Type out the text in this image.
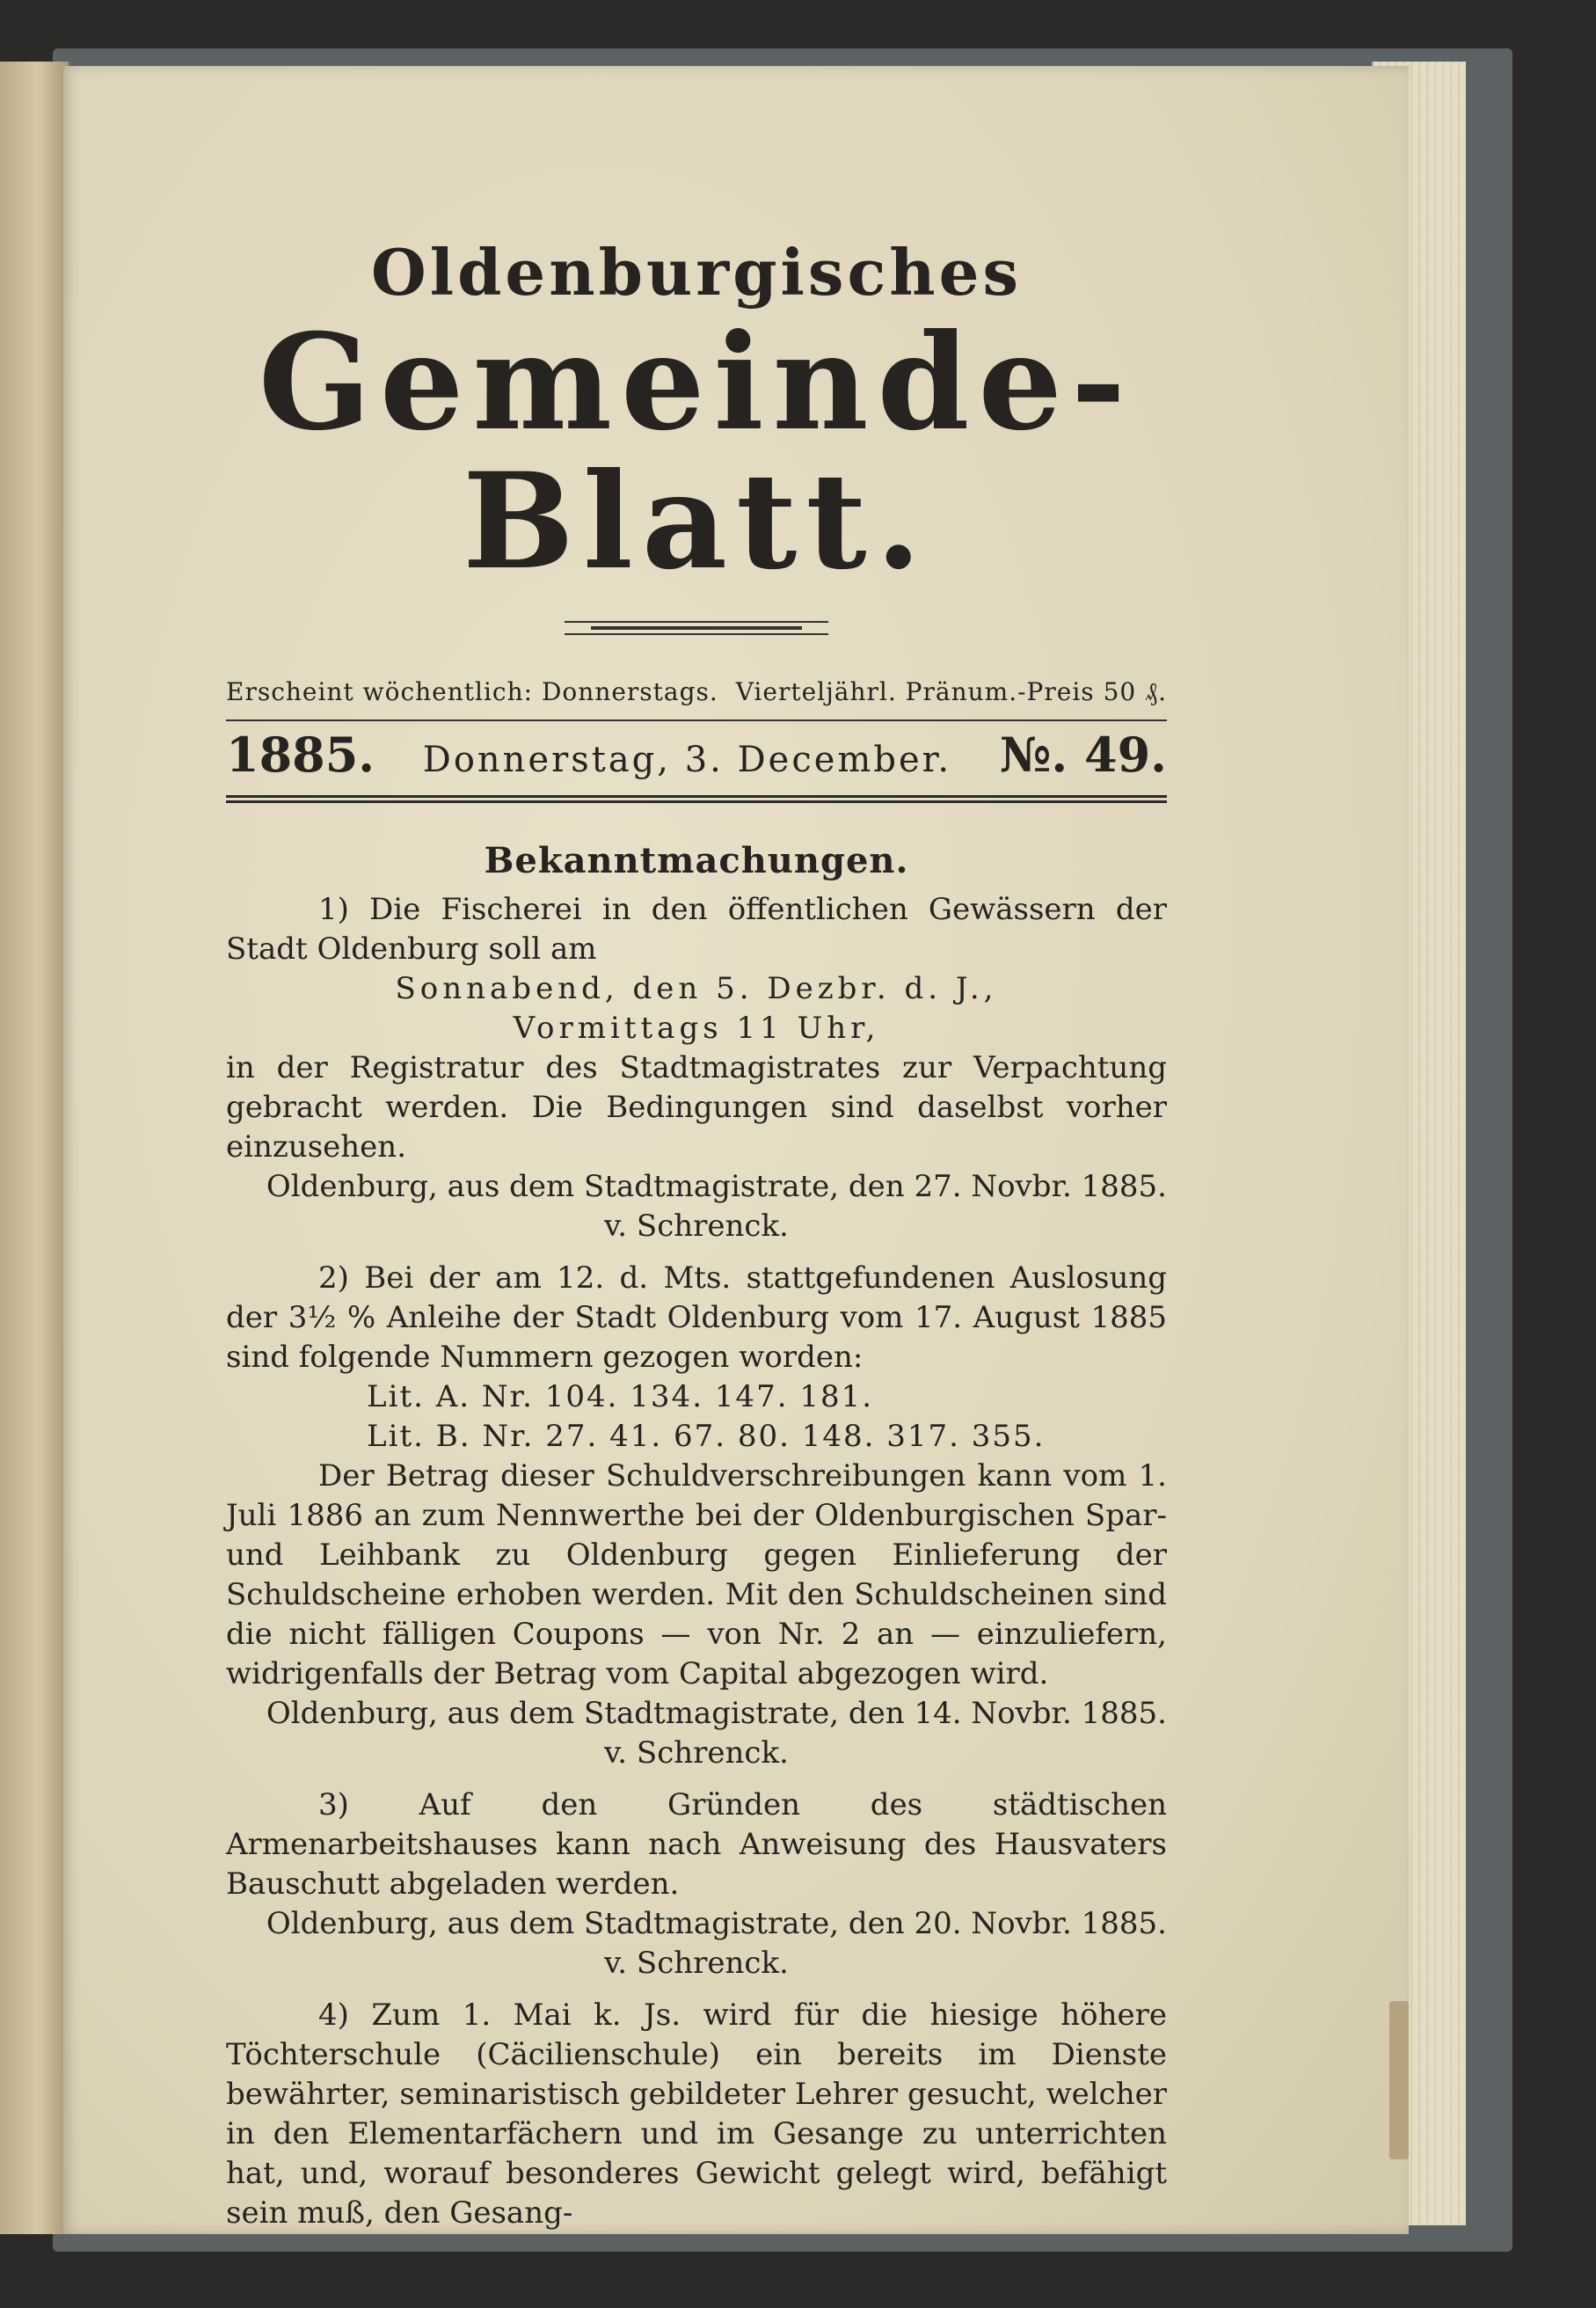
Oldenburgisches
Gemeinde-Blatt.
Erscheint wöchentlich: Donnerstags. Vierteljährl. Pränum.-Preis 50 ₰.
1885. Donnerstag, 3. December. №. 49.
Bekanntmachungen.

1) Die Fischerei in den öffentlichen Gewässern der Stadt Oldenburg soll am

Sonnabend, den 5. Dezbr. d. J.,

Vormittags 11 Uhr,

in der Registratur des Stadtmagistrates zur Verpachtung gebracht werden. Die Bedingungen sind daselbst vorher einzusehen.

Oldenburg, aus dem Stadtmagistrate, den 27. Novbr. 1885.

v. Schrenck.

2) Bei der am 12. d. Mts. stattgefundenen Auslosung der 3½ % Anleihe der Stadt Oldenburg vom 17. August 1885 sind folgende Nummern gezogen worden:

Lit. A. Nr. 104. 134. 147. 181.

Lit. B. Nr. 27. 41. 67. 80. 148. 317. 355.

Der Betrag dieser Schuldverschreibungen kann vom 1. Juli 1886 an zum Nennwerthe bei der Oldenburgischen Spar- und Leihbank zu Oldenburg gegen Einlieferung der Schuldscheine erhoben werden. Mit den Schuldscheinen sind die nicht fälligen Coupons — von Nr. 2 an — einzuliefern, widrigenfalls der Betrag vom Capital abgezogen wird.

Oldenburg, aus dem Stadtmagistrate, den 14. Novbr. 1885.

v. Schrenck.

3) Auf den Gründen des städtischen Armenarbeitshauses kann nach Anweisung des Hausvaters Bauschutt abgeladen werden.

Oldenburg, aus dem Stadtmagistrate, den 20. Novbr. 1885.

v. Schrenck.

4) Zum 1. Mai k. Js. wird für die hiesige höhere Töchterschule (Cäcilienschule) ein bereits im Dienste bewährter, seminaristisch gebildeter Lehrer gesucht, welcher in den Elementarfächern und im Gesange zu unterrichten hat, und, worauf besonderes Gewicht gelegt wird, befähigt sein muß, den Gesang-
